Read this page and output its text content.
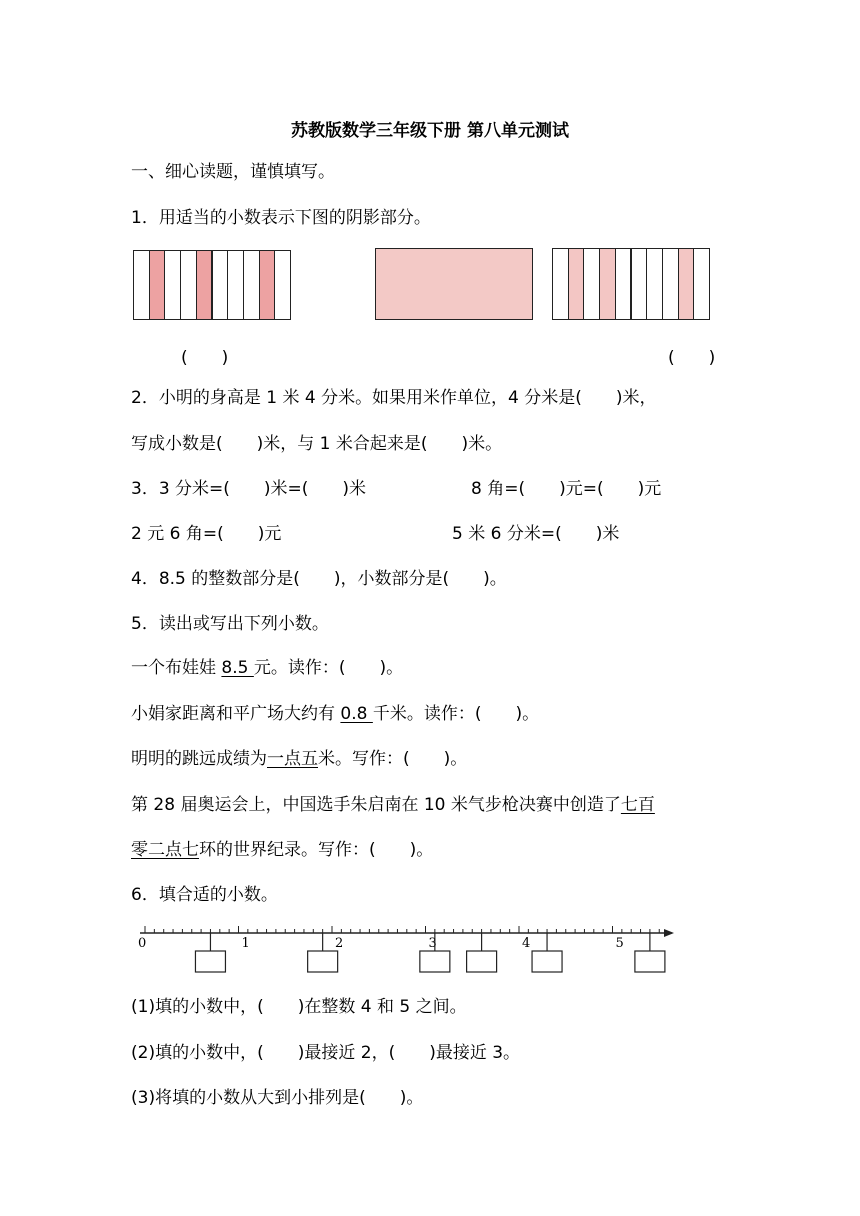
苏教版数学三年级下册 第八单元测试
一、细心读题，谨慎填写。
1．用适当的小数表示下图的阴影部分。
(　　)	(　　)
2．小明的身高是 1 米 4 分米。如果用米作单位，4 分米是(　　)米，
写成小数是(　　)米，与 1 米合起来是(　　)米。
3．3 分米=(　　)米=(　　)米	8 角=(　　)元=(　　)元
2 元 6 角=(　　)元	5 米 6 分米=(　　)米
4．8.5 的整数部分是(　　)，小数部分是(　　)。
5．读出或写出下列小数。
一个布娃娃 8.5 元。读作：(　　)。
小娟家距离和平广场大约有 0.8 千米。读作：(　　)。
明明的跳远成绩为一点五米。写作：(　　)。
第 28 届奥运会上，中国选手朱启南在 10 米气步枪决赛中创造了七百
零二点七环的世界纪录。写作：(　　)。
6．填合适的小数。
0	1	2	3	4	5
(1)填的小数中，(　　)在整数 4 和 5 之间。
(2)填的小数中，(　　)最接近 2，(　　)最接近 3。
(3)将填的小数从大到小排列是(　　)。
